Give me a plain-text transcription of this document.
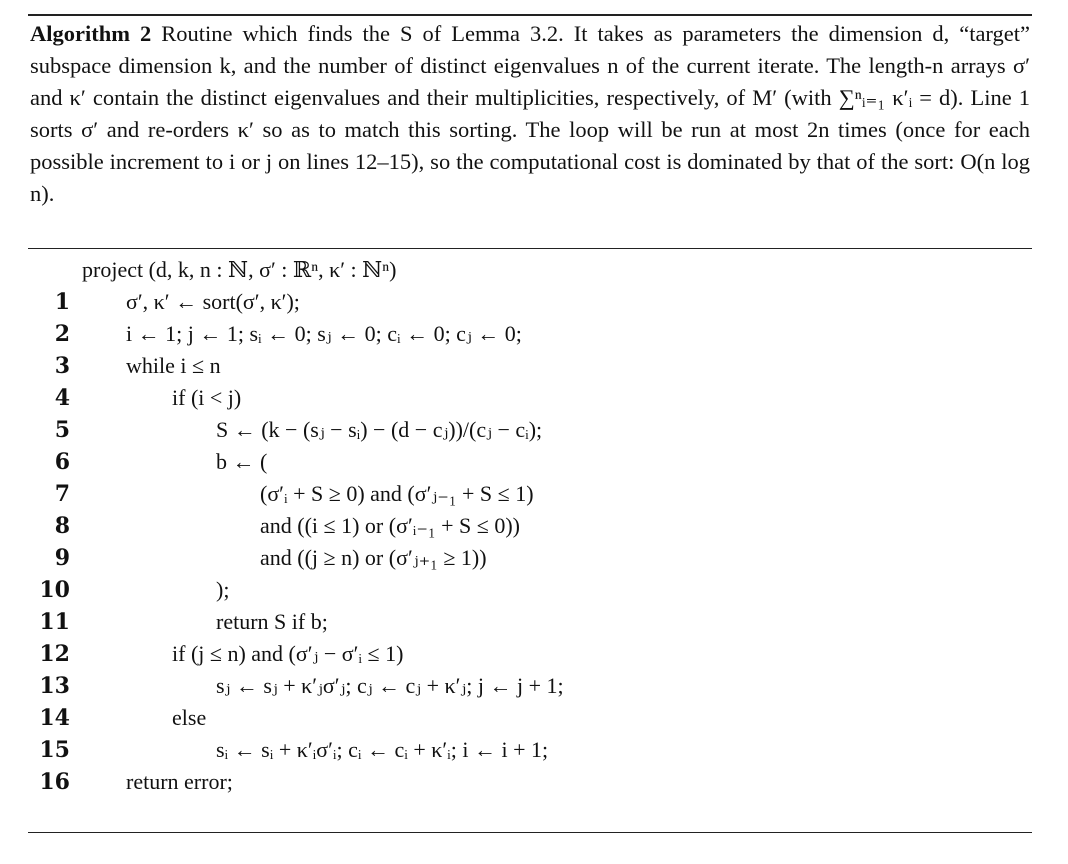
Algorithm 2 Routine which finds the S of Lemma 3.2. It takes as parameters the dimension d, “target” subspace dimension k, and the number of distinct eigenvalues n of the current iterate. The length-n arrays σ′ and κ′ contain the distinct eigenvalues and their multiplicities, respectively, of M′ (with ∑ⁿᵢ₌₁ κ′ᵢ = d). Line 1 sorts σ′ and re-orders κ′ so as to match this sorting. The loop will be run at most 2n times (once for each possible increment to i or j on lines 12–15), so the computational cost is dominated by that of the sort: O(n log n).
project (d, k, n : ℕ, σ′ : ℝⁿ, κ′ : ℕⁿ)
1	σ′, κ′ ← sort(σ′, κ′);
2	i ← 1; j ← 1; sᵢ ← 0; sⱼ ← 0; cᵢ ← 0; cⱼ ← 0;
3	while i ≤ n
4	if (i < j)
5	S ← (k − (sⱼ − sᵢ) − (d − cⱼ))/(cⱼ − cᵢ);
6	b ← (
7	(σ′ᵢ + S ≥ 0) and (σ′ⱼ₋₁ + S ≤ 1)
8	and ((i ≤ 1) or (σ′ᵢ₋₁ + S ≤ 0))
9	and ((j ≥ n) or (σ′ⱼ₊₁ ≥ 1))
10	);
11	return S if b;
12	if (j ≤ n) and (σ′ⱼ − σ′ᵢ ≤ 1)
13	sⱼ ← sⱼ + κ′ⱼσ′ⱼ; cⱼ ← cⱼ + κ′ⱼ; j ← j + 1;
14	else
15	sᵢ ← sᵢ + κ′ᵢσ′ᵢ; cᵢ ← cᵢ + κ′ᵢ; i ← i + 1;
16	return error;
